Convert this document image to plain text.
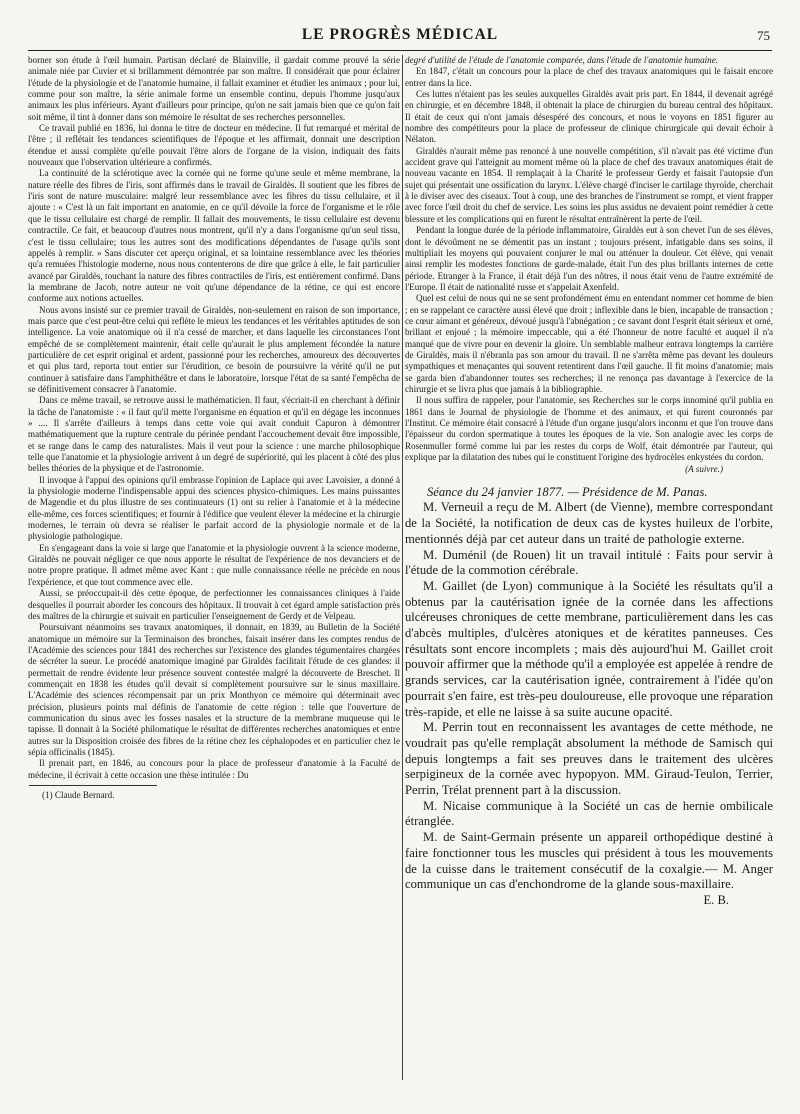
LE PROGRÈS MÉDICAL	75

borner son étude à l'œil humain. Partisan déclaré de Blainville, il gardait comme prouvé la série animale niée par Cuvier et si brillamment démontrée par son maître. Il considérait que pour éclairer l'étude de la physiologie et de l'anatomie humaine, il fallait examiner et étudier les animaux ; pour lui, comme pour son maître, la série animale forme un ensemble continu, depuis l'homme jusqu'aux animaux les plus inférieurs. Ayant d'ailleurs pour principe, qu'on ne sait jamais bien que ce qu'on fait soit même, il tint à donner dans son mémoire le résultat de ses recherches personnelles.

Ce travail publié en 1836, lui donna le titre de docteur en médecine. Il fut remarqué et mérital de l'être ; il reflétait les tendances scientifiques de l'époque et les affirmait, donnait une description étendue et aussi complète qu'elle pouvait l'être alors de l'organe de la vision, indiquait des faits nouveaux que l'observation ultérieure a confirmés.

La continuité de la sclérotique avec la cornée qui ne forme qu'une seule et même membrane, la nature réelle des fibres de l'iris, sont affirmés dans le travail de Giraldès. Il soutient que les fibres de l'iris sont de nature musculaire: malgré leur ressemblance avec les fibres du tissu cellulaire, et il ajoute : « C'est là un fait important en anatomie, en ce qu'il dévoile la force de l'organisme et le rôle que le tissu cellulaire est chargé de remplir. Il fallait des mouvements, le tissu cellulaire est devenu contractile. Ce fait, et beaucoup d'autres nous montrent, qu'il n'y a dans l'organisme qu'un seul tissu, c'est le tissu cellulaire; tous les autres sont des modifications dépendantes de l'usage qu'ils sont appelés à remplir. » Sans discuter cet aperçu original, et sa lointaine ressemblance avec les théories qu'a remuées l'histologie moderne, nous nous contenterons de dire que grâce à elle, le fait particulier avancé par Giraldès, touchant la nature des fibres contractiles de l'iris, est entièrement confirmé. Dans la membrane de Jacob, notre auteur ne voit qu'une dépendance de la rétine, ce qui est encore conforme aux notions actuelles.

Nous avons insisté sur ce premier travail de Giraldès, non-seulement en raison de son importance, mais parce que c'est peut-être celui qui reflète le mieux les tendances et les véritables aptitudes de son intelligence. La voie anatomique où il n'a cessé de marcher, et dans laquelle les circonstances l'ont empêché de se complètement maintenir, était celle qu'aurait le plus amplement fécondée la nature particulière de cet esprit original et ardent, passionné pour les recherches, amoureux des découvertes et qui plus tard, reporta tout entier sur l'érudition, ce besoin de poursuivre la vérité qu'il ne put continuer à satisfaire dans l'amphithéâtre et dans le laboratoire, lorsque l'état de sa santé l'empêcha de se définitivement consacrer à l'anatomie.

Dans ce même travail, se retrouve aussi le mathématicien. Il faut, s'écriait-il en cherchant à définir la tâche de l'anatomiste : « il faut qu'il mette l'organisme en équation et qu'il en dégage les inconnues » .... Il s'arrête d'ailleurs à temps dans cette voie qui avait conduit Capuron à démontrer mathématiquement que la rupture centrale du périnée pendant l'accouchement devait être impossible, et se range dans le camp des naturalistes. Mais il veut pour la science : une marche philosophique telle que l'anatomie et la physiologie arrivent à un degré de supériorité, qui les placent à côté des plus belles théories de la physique et de l'astronomie.

Il invoque à l'appui des opinions qu'il embrasse l'opinion de Laplace qui avec Lavoisier, a donné à la physiologie moderne l'indispensable appui des sciences physico-chimiques. Les mains puissantes de Magendie et du plus illustre de ses continuateurs (1) ont su relier à l'anatomie et à la médecine elle-même, ces forces scientifiques; et fournir à l'édifice que veulent élever la médecine et la chirurgie modernes, le terrain où devra se réaliser le parfait accord de la physiologie normale et de la physiologie pathologique.

En s'engageant dans la voie si large que l'anatomie et la physiologie ouvrent à la science moderne, Giraldès ne pouvait négliger ce que nous apporte le résultat de l'expérience de nos devanciers et de notre propre pratique. Il admet même avec Kant : que nulle connaissance réelle ne précède en nous l'expérience, et que tout commence avec elle.

Aussi, se préoccupait-il dès cette époque, de perfectionner les connaissances cliniques à l'aide desquelles il pourrait aborder les concours des hôpitaux. Il trouvait à cet égard ample satisfaction près des maîtres de la chirurgie et suivait en particulier l'enseignement de Gerdy et de Velpeau.

Poursuivant néanmoins ses travaux anatomiques, il donnait, en 1839, au Bulletin de la Société anatomique un mémoire sur la Terminaison des bronches, faisait insérer dans les comptes rendus de l'Académie des sciences pour 1841 des recherches sur l'existence des glandes tégumentaires chargées de sécréter la sueur. Le procédé anatomique imaginé par Giraldès facilitait l'étude de ces glandes: il permettait de rendre évidente leur présence souvent contestée malgré la découverte de Breschet. Il commençait en 1838 les études qu'il devait si complètement poursuivre sur le sinus maxillaire. L'Académie des sciences récompensait par un prix Monthyon ce mémoire qui déterminait avec précision, plusieurs points mal définis de l'anatomie de cette région : telle que l'ouverture de communication du sinus avec les fosses nasales et la structure de la membrane muqueuse qui le tapisse. Il donnait à la Société philomatique le résultat de différentes recherches anatomiques et entre autres sur la Disposition croisée des fibres de la rétine chez les céphalopodes et en particulier chez le sépia officinalis (1845).

Il prenait part, en 1846, au concours pour la place de professeur d'anatomie à la Faculté de médecine, il écrivait à cette occasion une thèse intitulée : Du

(1) Claude Bernard.

degré d'utilité de l'étude de l'anatomie comparée, dans l'étude de l'anatomie humaine.

En 1847, c'était un concours pour la place de chef des travaux anatomiques qui le faisait encore entrer dans la lice.

Ces luttes n'étaient pas les seules auxquelles Giraldès avait pris part. En 1844, il devenait agrégé en chirurgie, et en décembre 1848, il obtenait la place de chirurgien du bureau central des hôpitaux. Il était de ceux qui n'ont jamais désespéré des concours, et nous le voyons en 1851 figurer au nombre des compétiteurs pour la place de professeur de clinique chirurgicale qui devait échoir à Nélaton.

Giraldès n'aurait même pas renoncé à une nouvelle compétition, s'il n'avait pas été victime d'un accident grave qui l'atteignit au moment même où la place de chef des travaux anatomiques était de nouveau vacante en 1854. Il remplaçait à la Charité le professeur Gerdy et faisait l'autopsie d'un sujet qui présentait une ossification du larynx. L'élève chargé d'inciser le cartilage thyroïde, cherchait à le diviser avec des ciseaux. Tout à coup, une des branches de l'instrument se rompt, et vient frapper avec force l'œil droit du chef de service. Les soins les plus assidus ne devaient point remédier à cette blessure et les complications qui en furent le résultat entraînèrent la perte de l'œil.

Pendant la longue durée de la période inflammatoire, Giraldès eut à son chevet l'un de ses élèves, dont le dévoûment ne se démentit pas un instant ; toujours présent, infatigable dans ses soins, il multipliait les moyens qui pouvaient conjurer le mal ou atténuer la douleur. Cet élève, qui venait ainsi remplir les modestes fonctions de garde-malade, était l'un des plus brillants internes de cette période. Etranger à la France, il était déjà l'un des nôtres, il nous était venu de l'autre extrémité de l'Europe. Il était de nationalité russe et s'appelait Axenfeld.

Quel est celui de nous qui ne se sent profondément ému en entendant nommer cet homme de bien ; en se rappelant ce caractère aussi élevé que droit ; inflexible dans le bien, incapable de transaction ; ce cœur aimant et généreux, dévoué jusqu'à l'abnégation ; ce savant dont l'esprit était sérieux et orné, brillant et enjoué ; la mémoire impeccable, qui a été l'honneur de notre faculté et auquel il n'a manqué que de vivre pour en devenir la gloire. Un semblable malheur entrava longtemps la carrière de Giraldès, mais il n'ébranla pas son amour du travail. Il ne s'arrêta même pas devant les douleurs sympathiques et menaçantes qui souvent retentirent dans l'œil gauche. Il fit moins d'anatomie; mais se garda bien d'abandonner toutes ses recherches; il ne renonça pas davantage à l'exercice de la chirurgie et se livra plus que jamais à la bibliographie.

Il nous suffira de rappeler, pour l'anatomie, ses Recherches sur le corps innominé qu'il publia en 1861 dans le Journal de physiologie de l'homme et des animaux, et qui furent couronnés par l'Institut. Ce mémoire était consacré à l'étude d'un organe jusqu'alors inconnu et que l'on trouve dans l'épaisseur du cordon spermatique à toutes les époques de la vie. Son analogie avec les corps de Rosenmuller formé comme lui par les restes du corps de Wolf, était démontrée par l'auteur, qui explique par la dilatation des tubes qui le constituent l'origine des hydrocèles enkystées du cordon.

(A suivre.)

Séance du 24 janvier 1877. — Présidence de M. Panas.

M. Verneuil a reçu de M. Albert (de Vienne), membre correspondant de la Société, la notification de deux cas de kystes huileux de l'orbite, mentionnés déjà par cet auteur dans un traité de pathologie externe.

M. Duménil (de Rouen) lit un travail intitulé : Faits pour servir à l'étude de la commotion cérébrale.

M. Gaillet (de Lyon) communique à la Société les résultats qu'il a obtenus par la cautérisation ignée de la cornée dans les affections ulcéreuses chroniques de cette membrane, particulièrement dans les cas d'abcès multiples, d'ulcères atoniques et de kératites panneuses. Ces résultats sont encore incomplets ; mais dès aujourd'hui M. Gaillet croit pouvoir affirmer que la méthode qu'il a employée est appelée à rendre de grands services, car la cautérisation ignée, contrairement à l'idée qu'on pourrait s'en faire, est très-peu douloureuse, elle provoque une réparation très-rapide, et elle ne laisse à sa suite aucune opacité.

M. Perrin tout en reconnaissent les avantages de cette méthode, ne voudrait pas qu'elle remplaçât absolument la méthode de Samisch qui depuis longtemps a fait ses preuves dans le traitement des ulcères serpigineux de la cornée avec hypopyon. MM. Giraud-Teulon, Terrier, Perrin, Trélat prennent part à la discussion.

M. Nicaise communique à la Société un cas de hernie ombilicale étranglée.

M. de Saint-Germain présente un appareil orthopédique destiné à faire fonctionner tous les muscles qui président à tous les mouvements de la cuisse dans le traitement consécutif de la coxalgie.— M. Anger communique un cas d'enchondrome de la glande sous-maxillaire.

E. B.
